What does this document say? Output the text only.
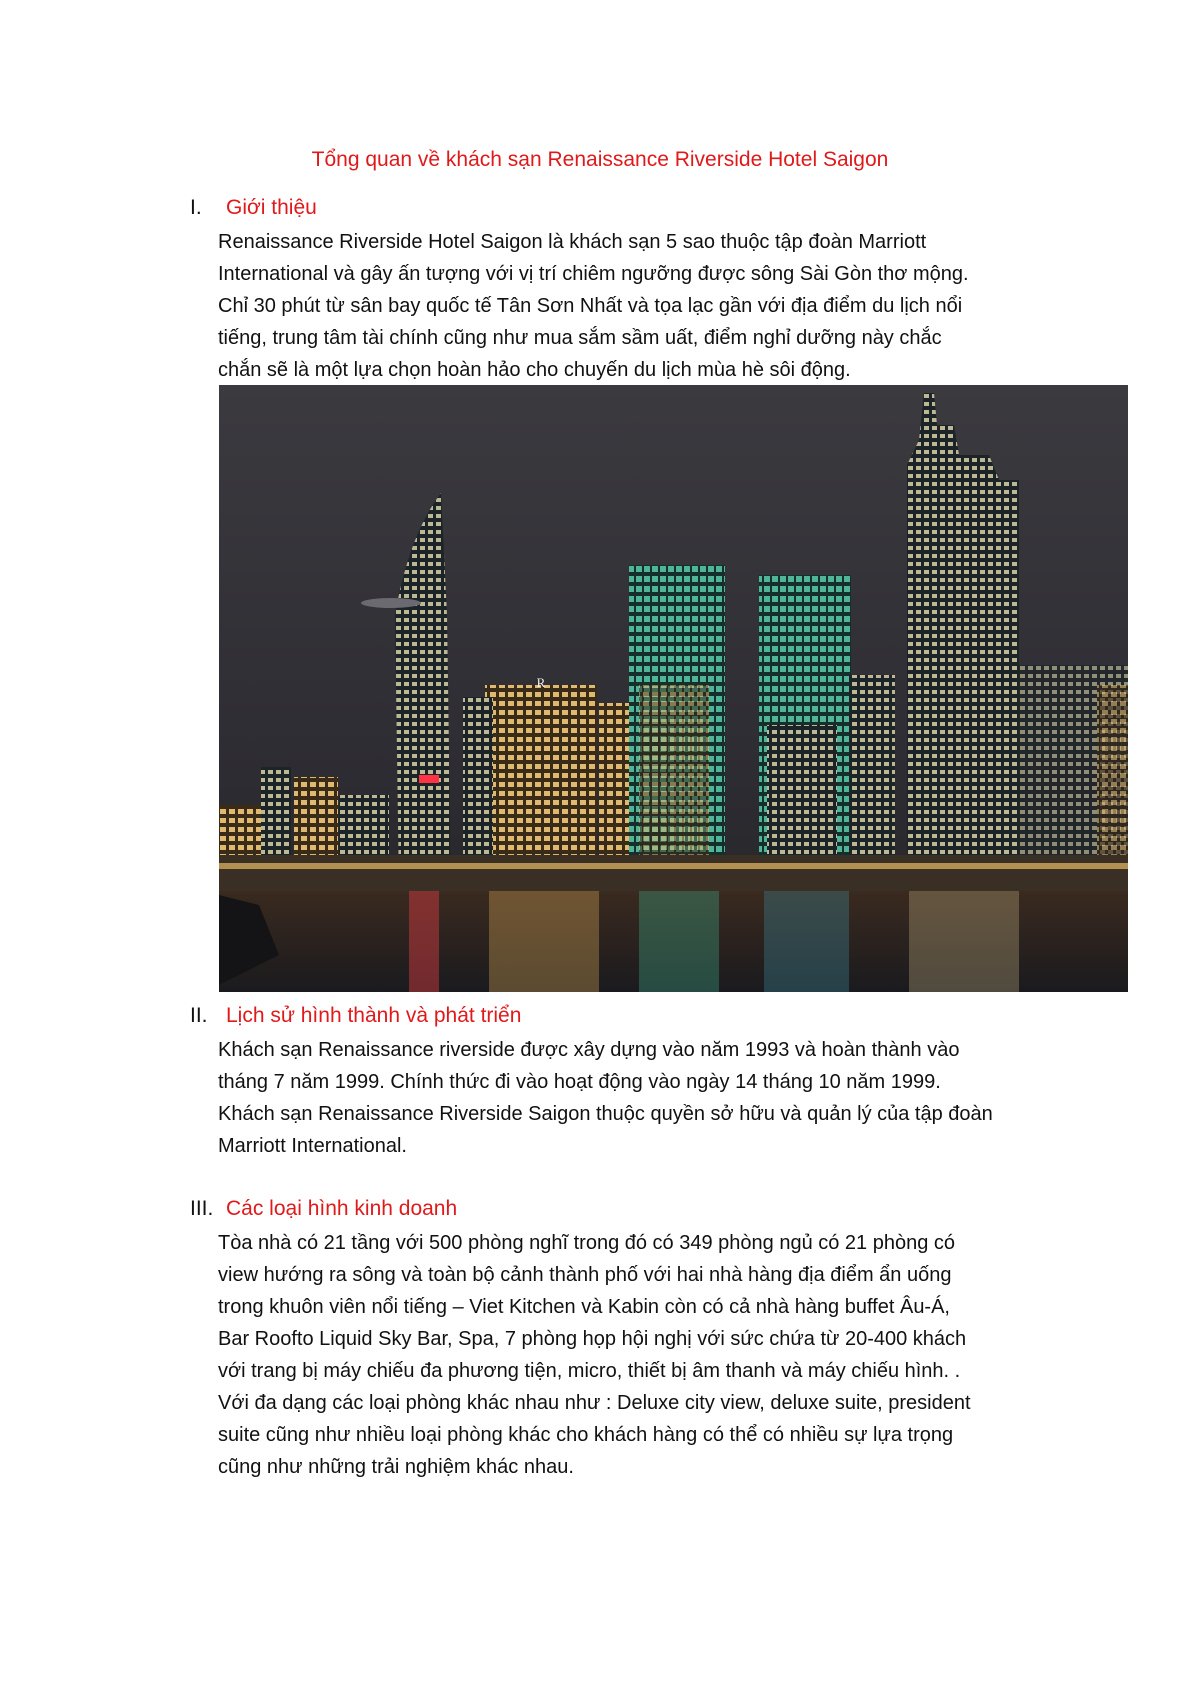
Tổng quan về khách sạn Renaissance Riverside Hotel Saigon
I. Giới thiệu
Renaissance Riverside Hotel Saigon là khách sạn 5 sao thuộc tập đoàn Marriott
International và gây ấn tượng với vị trí chiêm ngưỡng được sông Sài Gòn thơ mộng.
Chỉ 30 phút từ sân bay quốc tế Tân Sơn Nhất và tọa lạc gần với địa điểm du lịch nổi
tiếng, trung tâm tài chính cũng như mua sắm sầm uất, điểm nghỉ dưỡng này chắc
chắn sẽ là một lựa chọn hoàn hảo cho chuyến du lịch mùa hè sôi động.
R
II. Lịch sử hình thành và phát triển
Khách sạn Renaissance riverside được xây dựng vào năm 1993 và hoàn thành vào
tháng 7 năm 1999. Chính thức đi vào hoạt động vào ngày 14 tháng 10 năm 1999.
Khách sạn Renaissance Riverside Saigon thuộc quyền sở hữu và quản lý của tập đoàn
Marriott International.
III. Các loại hình kinh doanh
Tòa nhà có 21 tầng với 500 phòng nghĩ trong đó có 349 phòng ngủ có 21 phòng có
view hướng ra sông và toàn bộ cảnh thành phố với hai nhà hàng địa điểm ẩn uống
trong khuôn viên nổi tiếng – Viet Kitchen và Kabin còn có cả nhà hàng buffet Âu-Á,
Bar Roofto Liquid Sky Bar, Spa, 7 phòng họp hội nghị với sức chứa từ 20-400 khách
với trang bị máy chiếu đa phương tiện, micro, thiết bị âm thanh và máy chiếu hình. .
Với đa dạng các loại phòng khác nhau như : Deluxe city view, deluxe suite, president
suite cũng như nhiều loại phòng khác cho khách hàng có thể có nhiều sự lựa trọng
cũng như những trải nghiệm khác nhau.
